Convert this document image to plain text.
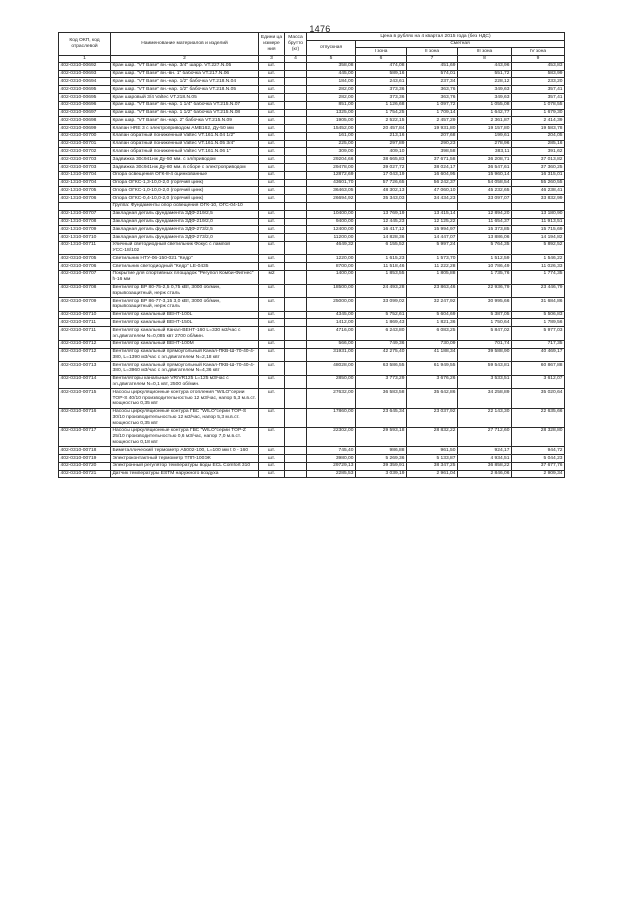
1476
Код ОКП, код отраслевой	Наименование материалов и изделий	Едини ца измере ния	Масса брутто (кг)	Цена в рублях на 4 квартал 2015 года (без НДС)				
				отпускная	Сметная			
					I зона	II зона	III зона	IV зона
1	2	3	4	5	6	7	8	9
402-0310-00692	Кран шар. "VT Base" вн.-нар. 3/4" шарр. VT.227.N.05	шт.		358,08	474,08	451,69	443,96	453,83
402-0310-00693	Кран шар. "VT Base" вн.-вн. 1" бабочка VT.217.N.06	шт.		445,00	589,16	574,01	551,72	583,99
402-0310-00694	Кран шар. "VT Base" вн.-нар. 1/2" бабочка VT.218.N.04	шт.		184,00	243,61	237,34	228,12	233,20
402-0310-00695	Кран шар. "VT Base" вн.-нар. 1/2" бабочка VT.218.N.05	шт.		282,00	373,36	363,76	349,63	357,41
402-0310-00695	Кран шаровый 3/4 Valtec VT.218.N.05	шт.		282,00	373,36	363,76	349,63	357,41
402-0310-00696	Кран шар. "VT Base" вн.-нар. 1 1/4" бабочка VT.215.N.07	шт.		851,00	1 126,68	1 097,72	1 055,08	1 078,55
402-0310-00697	Кран шар. "VT Base" вн.-нар. 1 1/2" бабочка VT.215.N.08	шт.		1325,00	1 754,25	1 709,14	1 642,77	1 679,30
402-0310-00698	Кран шар. "VT Base" вн.-нар. 2" бабочка VT.215.N.09	шт.		1905,00	2 522,15	2 457,29	2 361,87	2 414,39
402-0310-00699	Клапан HRE 3 с электроприводом AMB162, Ду-50 мм	шт.		15452,00	20 457,84	19 931,80	19 157,80	19 583,78
402-0310-00700	Клапан обратный пониженный Valtec VT.161.N.04 1/2"	шт.		161,00	213,16	207,68	199,61	204,05
402-0310-00701	Клапан обратный пониженный Valtec VT.161.N.05 3/4"	шт.		225,00	297,89	290,23	278,96	285,16
402-0310-00702	Клапан обратный пониженный Valtec VT.161.N.06 1"	шт.		309,00	409,10	398,58	383,11	391,62
402-0310-00703	Задвижка 30с941нж Ду-50 мм. с эл/приводом	шт.		29204,66	38 665,83	37 671,58	36 208,71	37 013,82
402-0310-00703	Задвижка 30с941нж Ду-80 мм. в сборе с электроприводом	шт.		29478,00	39 027,72	38 024,17	36 547,61	37 360,25
402-1310-00704	Опора освещения ОГК-8-4 оцинкованные	шт.		12872,69	17 043,19	16 604,95	15 960,14	16 315,01
402-1310-00704	Опора ОГКС-1,3-10,0-2,0 (горячий цинк)	шт.		43601,70	57 726,65	56 242,37	54 058,54	55 260,55
402-1310-00705	Опора ОГКС-1,0-10,0-2,0 (горячий цинк)	шт.		36463,05	48 302,13	47 060,10	45 232,65	46 238,41
402-1310-00706	Опора ОГКС-0,4-10,0-2,0 (горячий цинк)	шт.		26694,92	35 343,03	34 434,23	33 097,07	33 832,99
	Группа: Фундаменты опор освещения ОГК-10, ОГС-04-10							
402-1310-00707	Закладная деталь фундамента ЗДФ-219/2,5	шт.		10400,00	13 769,19	13 415,14	12 894,20	13 180,90
402-1310-00708	Закладная деталь фундамента ЗДФ-219/2,0	шт.		9400,00	12 445,23	12 125,22	11 654,37	11 913,51
402-1310-00709	Закладная деталь фундамента ЗДФ-273/2,5	шт.		12400,00	16 417,12	15 994,97	15 373,85	15 715,69
402-1310-00710	Закладная деталь фундамента ЗДФ-273/2,0	шт.		11200,00	14 828,36	14 447,07	13 886,06	14 194,82
402-1310-00711	Уличный светодиодный светильник Фокус с лампой УСС-18/102	шт.		4649,32	6 155,52	5 997,24	5 764,35	5 892,52
402-0310-00705	Светильник НТУ-06-150-021 "Кедр"	шт.		1220,00	1 615,23	1 573,70	1 512,59	1 546,22
402-0310-00706	Светильник светодиодный "Кедр" LE-0435	шт.		8700,00	11 518,46	11 222,28	10 786,49	11 026,33
402-0310-00707	Покрытие для спортивных площадок "Регупол Комби-Фитнес" h-16 мм	м2		1400,00	1 853,55	1 805,88	1 735,76	1 774,35
402-0310-00708	Вентилятор ВР 80-75-2,5 0,75 кВт, 3000 об/мин, взрывозащитный, нерж сталь	шт.		18500,00	24 493,28	23 863,46	22 936,79	23 446,79
402-0310-00709	Вентилятор ВР 86-77-3,15 3,0 кВт, 3000 об/мин, взрывозащитный, нерж сталь	шт.		25000,00	33 099,02	32 247,92	30 995,66	31 684,86
402-0310-00710	Вентилятор канальный ВЕНТ-100L	шт.		4345,00	5 752,61	5 604,69	5 387,05	5 506,83
402-0310-00711	Вентилятор канальный ВЕНТ-150L	шт.		1412,00	1 869,43	1 821,36	1 750,64	1 789,56
402-0310-00711	Вентилятор канальный Канал-ВЕНТ-160 L=330 м3/час с эл.двигателем N=0,085 квт 2700 об/мин.	шт.		4716,00	6 243,80	6 083,25	5 847,02	5 977,03
402-0310-00712	Вентилятор канальный ВЕНТ-100М	шт.		566,00	749,36	730,09	701,74	717,35
402-0310-00712	Вентилятор канальный прямоугольный Канал-ПКВ-Ш-70-40-4-380, L=1390 м3/час с эл.двигателем N=2,18 квт	шт.		31931,00	42 275,40	41 188,34	39 588,90	40 469,17
402-0310-00713	Вентилятор канальный прямоугольный Канал-ПКВ-Ш-70-40-4-380, L=3960 м3/час с эл.двигателем N=4,36 квт	шт.		48028,00	63 586,55	61 949,55	59 543,81	60 867,88
402-0310-00714	Вентиляторы канальные VR/VR125 L=125 м3/час с эл.двигателем N=0,1 квт, 2500 об/мин.	шт.		2850,00	3 773,29	3 676,26	3 533,51	3 612,07
402-0310-00715	Насосы циркуляционные контура отопления "WILO"серии TOP-S 40/10 производительностью 12 м3/час, напор 5,3 м.в.ст. мощностью 0,35 квт	шт.		27632,00	36 583,58	35 642,86	34 258,89	35 020,64
402-0310-00716	Насосы циркуляционные контура ГВС "WILO"серии TOP-S 30/10 производительностью 12 м3/час, напор 5,3 м.в.ст. мощностью 0,35 квт	шт.		17860,00	23 645,34	23 037,92	22 143,30	22 635,66
402-0310-00717	Насосы циркуляционные контура ГВС "WILO"серии TOP-Z 25/10 производительностью 0,6 м3/час, напор 7,0 м.в.ст. мощностью 0,18 квт	шт.		22302,00	29 593,18	28 832,22	27 712,60	28 328,80
402-0310-00718	Биметаллический термометр А5002-100, L=100 мм t 0 - 160	шт.		745,40	986,88	961,50	924,17	944,72
402-0310-00719	Электроконтактный термометр ТПП-100ЭК	шт.		3980,00	5 269,36	5 133,87	4 934,51	5 044,23
402-0310-00720	Электронный регулятор температуры воды ECL Comfort 310	шт.		29729,13	39 359,91	38 347,25	36 858,22	37 677,76
402-0310-00721	Датчик температуры ESTM наружного воздуха	шт.		2285,53	3 039,19	2 961,04	2 846,06	2 909,34
